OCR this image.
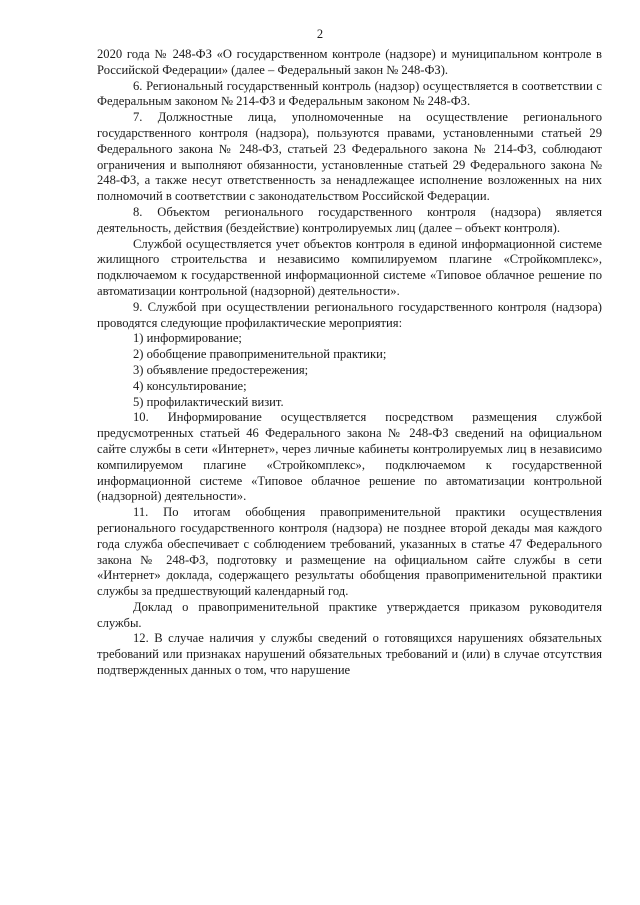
2

2020 года № 248-ФЗ «О государственном контроле (надзоре) и муниципальном контроле в Российской Федерации» (далее – Федеральный закон № 248-ФЗ).

6. Региональный государственный контроль (надзор) осуществляется в соответствии с Федеральным законом № 214-ФЗ и Федеральным законом № 248-ФЗ.

7. Должностные лица, уполномоченные на осуществление регионального государственного контроля (надзора), пользуются правами, установленными статьей 29 Федерального закона № 248-ФЗ, статьей 23 Федерального закона № 214-ФЗ, соблюдают ограничения и выполняют обязанности, установленные статьей 29 Федерального закона № 248-ФЗ, а также несут ответственность за ненадлежащее исполнение возложенных на них полномочий в соответствии с законодательством Российской Федерации.

8. Объектом регионального государственного контроля (надзора) является деятельность, действия (бездействие) контролируемых лиц (далее – объект контроля).

Службой осуществляется учет объектов контроля в единой информационной системе жилищного строительства и независимо компилируемом плагине «Стройкомплекс», подключаемом к государственной информационной системе «Типовое облачное решение по автоматизации контрольной (надзорной) деятельности».

9. Службой при осуществлении регионального государственного контроля (надзора) проводятся следующие профилактические мероприятия:

1) информирование;

2) обобщение правоприменительной практики;

3) объявление предостережения;

4) консультирование;

5) профилактический визит.

10. Информирование осуществляется посредством размещения службой предусмотренных статьей 46 Федерального закона № 248-ФЗ сведений на официальном сайте службы в сети «Интернет», через личные кабинеты контролируемых лиц в независимо компилируемом плагине «Стройкомплекс», подключаемом к государственной информационной системе «Типовое облачное решение по автоматизации контрольной (надзорной) деятельности».

11. По итогам обобщения правоприменительной практики осуществления регионального государственного контроля (надзора) не позднее второй декады мая каждого года служба обеспечивает с соблюдением требований, указанных в статье 47 Федерального закона № 248-ФЗ, подготовку и размещение на официальном сайте службы в сети «Интернет» доклада, содержащего результаты обобщения правоприменительной практики службы за предшествующий календарный год.

Доклад о правоприменительной практике утверждается приказом руководителя службы.

12. В случае наличия у службы сведений о готовящихся нарушениях обязательных требований или признаках нарушений обязательных требований и (или) в случае отсутствия подтвержденных данных о том, что нарушение
